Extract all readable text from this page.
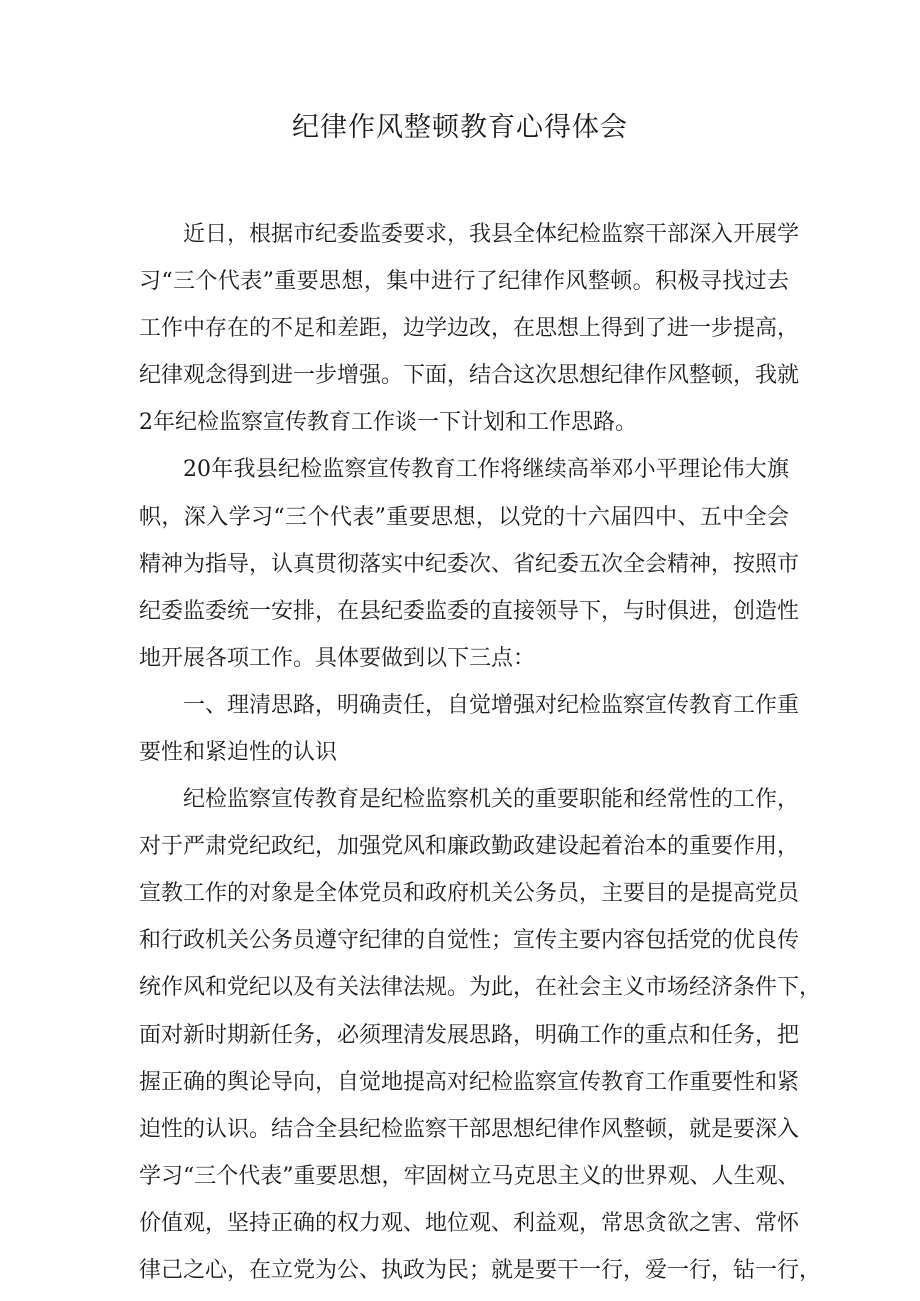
纪律作风整顿教育心得体会
近日，根据市纪委监委要求，我县全体纪检监察干部深入开展学
习“三个代表”重要思想，集中进行了纪律作风整顿。积极寻找过去
工作中存在的不足和差距，边学边改，在思想上得到了进一步提高，
纪律观念得到进一步增强。下面，结合这次思想纪律作风整顿，我就
2年纪检监察宣传教育工作谈一下计划和工作思路。
20年我县纪检监察宣传教育工作将继续高举邓小平理论伟大旗
帜，深入学习“三个代表”重要思想，以党的十六届四中、五中全会
精神为指导，认真贯彻落实中纪委次、省纪委五次全会精神，按照市
纪委监委统一安排，在县纪委监委的直接领导下，与时俱进，创造性
地开展各项工作。具体要做到以下三点：
一、理清思路，明确责任，自觉增强对纪检监察宣传教育工作重
要性和紧迫性的认识
纪检监察宣传教育是纪检监察机关的重要职能和经常性的工作，
对于严肃党纪政纪，加强党风和廉政勤政建设起着治本的重要作用，
宣教工作的对象是全体党员和政府机关公务员，主要目的是提高党员
和行政机关公务员遵守纪律的自觉性；宣传主要内容包括党的优良传
统作风和党纪以及有关法律法规。为此，在社会主义市场经济条件下，
面对新时期新任务，必须理清发展思路，明确工作的重点和任务，把
握正确的舆论导向，自觉地提高对纪检监察宣传教育工作重要性和紧
迫性的认识。结合全县纪检监察干部思想纪律作风整顿，就是要深入
学习“三个代表”重要思想，牢固树立马克思主义的世界观、人生观、
价值观，坚持正确的权力观、地位观、利益观，常思贪欲之害、常怀
律己之心，在立党为公、执政为民；就是要干一行，爱一行，钻一行，
